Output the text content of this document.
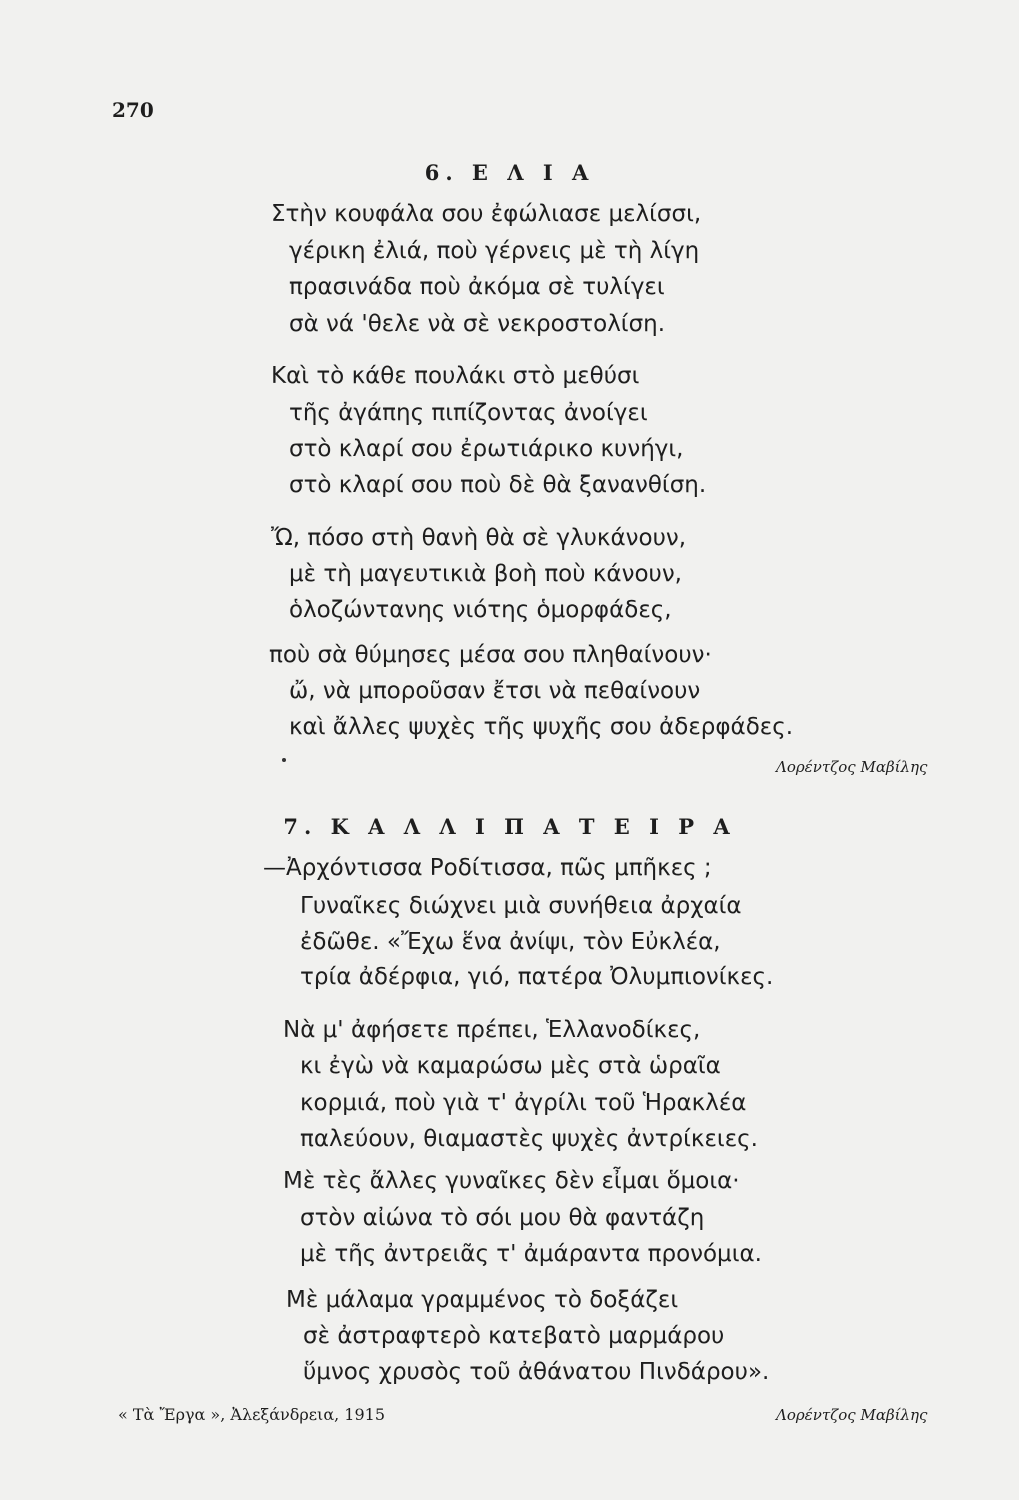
270
6. Ε Λ Ι Α
Στὴν κουφάλα σου ἐφώλιασε μελίσσι,
γέρικη ἐλιά, ποὺ γέρνεις μὲ τὴ λίγη
πρασινάδα ποὺ ἀκόμα σὲ τυλίγει
σὰ νά 'θελε νὰ σὲ νεκροστολίση.
Καὶ τὸ κάθε πουλάκι στὸ μεθύσι
τῆς ἀγάπης πιπίζοντας ἀνοίγει
στὸ κλαρί σου ἐρωτιάρικο κυνήγι,
στὸ κλαρί σου ποὺ δὲ θὰ ξανανθίση.
Ὤ, πόσο στὴ θανὴ θὰ σὲ γλυκάνουν,
μὲ τὴ μαγευτικιὰ βοὴ ποὺ κάνουν,
ὁλοζώντανης νιότης ὁμορφάδες,
ποὺ σὰ θύμησες μέσα σου πληθαίνουν·
ὤ, νὰ μποροῦσαν ἔτσι νὰ πεθαίνουν
καὶ ἄλλες ψυχὲς τῆς ψυχῆς σου ἀδερφάδες.
Λορέντζος Μαβίλης
7. Κ Α Λ Λ Ι Π Α Τ Ε Ι Ρ Α
—Ἀρχόντισσα Ροδίτισσα, πῶς μπῆκες ;
Γυναῖκες διώχνει μιὰ συνήθεια ἀρχαία
ἐδῶθε. «Ἔχω ἕνα ἀνίψι, τὸν Εὐκλέα,
τρία ἀδέρφια, γιό, πατέρα Ὀλυμπιονίκες.
Νὰ μ' ἀφήσετε πρέπει, Ἑλλανοδίκες,
κι ἐγὼ νὰ καμαρώσω μὲς στὰ ὡραῖα
κορμιά, ποὺ γιὰ τ' ἀγρίλι τοῦ Ἡρακλέα
παλεύουν, θιαμαστὲς ψυχὲς ἀντρίκειες.
Μὲ τὲς ἄλλες γυναῖκες δὲν εἶμαι ὅμοια·
στὸν αἰώνα τὸ σόι μου θὰ φαντάζη
μὲ τῆς ἀντρειᾶς τ' ἀμάραντα προνόμια.
Μὲ μάλαμα γραμμένος τὸ δοξάζει
σὲ ἀστραφτερὸ κατεβατὸ μαρμάρου
ὕμνος χρυσὸς τοῦ ἀθάνατου Πινδάρου».
« Τὰ Ἔργα », Ἀλεξάνδρεια, 1915	Λορέντζος Μαβίλης
